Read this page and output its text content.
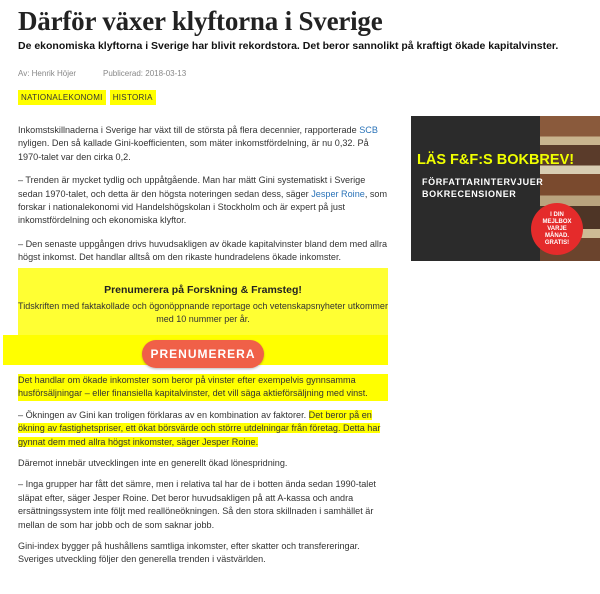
Därför växer klyftorna i Sverige

De ekonomiska klyftorna i Sverige har blivit rekordstora. Det beror sannolikt på kraftigt ökade kapitalvinster.

Av: Henrik Höjer	Publicerad: 2018-03-13
NATIONALEKONOMI	HISTORIA

Inkomstskillnaderna i Sverige har växt till de största på flera decennier, rapporterade SCB nyligen. Den så kallade Gini-koefficienten, som mäter inkomstfördelning, är nu 0,32. På 1970-talet var den cirka 0,2.

– Trenden är mycket tydlig och uppåtgående. Man har mätt Gini systematiskt i Sverige sedan 1970-talet, och detta är den högsta noteringen sedan dess, säger Jesper Roine, som forskar i nationalekonomi vid Handelshögskolan i Stockholm och är expert på just inkomstfördelning och ekonomiska klyftor.

– Den senaste uppgången drivs huvudsakligen av ökade kapitalvinster bland dem med allra högst inkomst. Det handlar alltså om den rikaste hundradelens ökade inkomster.

Prenumerera på Forskning & Framsteg!

Tidskriften med faktakollade och ögonöppnande reportage och vetenskapsnyheter utkommer med 10 nummer per år.

PRENUMERERA

Det handlar om ökade inkomster som beror på vinster efter exempelvis gynnsamma husförsäljningar – eller finansiella kapitalvinster, det vill säga aktieförsäljning med vinst.

– Ökningen av Gini kan troligen förklaras av en kombination av faktorer. Det beror på en ökning av fastighetspriser, ett ökat börsvärde och större utdelningar från företag. Detta har gynnat dem med allra högst inkomster, säger Jesper Roine.

Däremot innebär utvecklingen inte en generellt ökad lönespridning.

– Inga grupper har fått det sämre, men i relativa tal har de i botten ända sedan 1990-talet släpat efter, säger Jesper Roine. Det beror huvudsakligen på att A-kassa och andra ersättningssystem inte följt med reallöneökningen. Så den stora skillnaden i samhället är mellan de som har jobb och de som saknar jobb.

Gini-index bygger på hushållens samtliga inkomster, efter skatter och transfereringar. Sveriges utveckling följer den generella trenden i västvärlden.

LÄS F&F:S BOKBREV!
FÖRFATTARINTERVJUER
BOKRECENSIONER
I DIN MEJLBOX VARJE MÅNAD. GRATIS!
